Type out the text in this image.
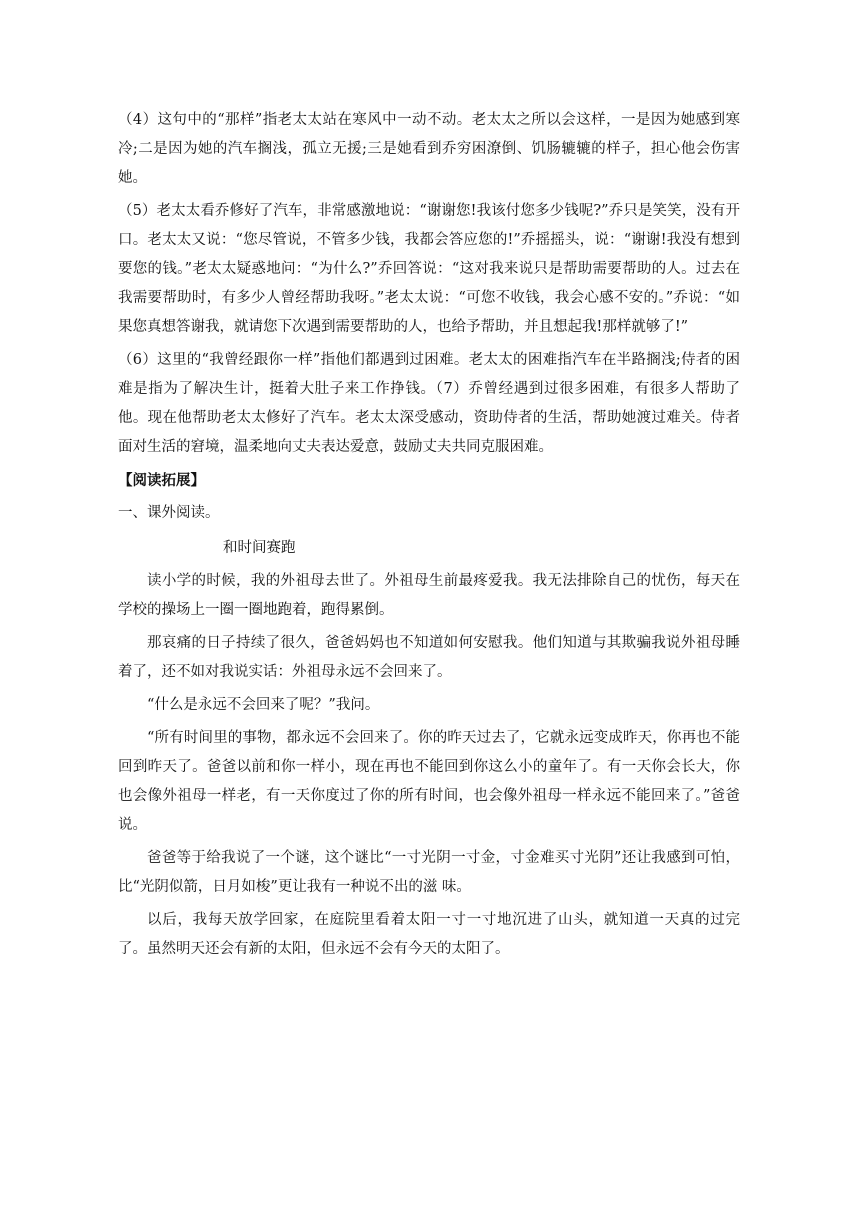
（4）这句中的“那样”指老太太站在寒风中一动不动。老太太之所以会这样，一是因为她感到寒冷;二是因为她的汽车搁浅，孤立无援;三是她看到乔穷困潦倒、饥肠辘辘的样子，担心他会伤害她。

（5）老太太看乔修好了汽车，非常感激地说：“谢谢您!我该付您多少钱呢?”乔只是笑笑，没有开口。老太太又说：“您尽管说，不管多少钱，我都会答应您的!”乔摇摇头，说：“谢谢!我没有想到要您的钱。”老太太疑惑地问：“为什么?”乔回答说：“这对我来说只是帮助需要帮助的人。过去在我需要帮助时，有多少人曾经帮助我呀。”老太太说：“可您不收钱，我会心感不安的。”乔说：“如果您真想答谢我，就请您下次遇到需要帮助的人，也给予帮助，并且想起我!那样就够了!”

（6）这里的“我曾经跟你一样”指他们都遇到过困难。老太太的困难指汽车在半路搁浅;侍者的困难是指为了解决生计，挺着大肚子来工作挣钱。（7）乔曾经遇到过很多困难，有很多人帮助了他。现在他帮助老太太修好了汽车。老太太深受感动，资助侍者的生活，帮助她渡过难关。侍者面对生活的窘境，温柔地向丈夫表达爱意，鼓励丈夫共同克服困难。

【阅读拓展】

一、课外阅读。

和时间赛跑

读小学的时候，我的外祖母去世了。外祖母生前最疼爱我。我无法排除自己的忧伤，每天在学校的操场上一圈一圈地跑着，跑得累倒。

那哀痛的日子持续了很久，爸爸妈妈也不知道如何安慰我。他们知道与其欺骗我说外祖母睡着了，还不如对我说实话：外祖母永远不会回来了。

“什么是永远不会回来了呢？”我问。

“所有时间里的事物，都永远不会回来了。你的昨天过去了，它就永远变成昨天，你再也不能回到昨天了。爸爸以前和你一样小，现在再也不能回到你这么小的童年了。有一天你会长大，你也会像外祖母一样老，有一天你度过了你的所有时间，也会像外祖母一样永远不能回来了。”爸爸说。

爸爸等于给我说了一个谜，这个谜比“一寸光阴一寸金，寸金难买寸光阴”还让我感到可怕，比“光阴似箭，日月如梭”更让我有一种说不出的滋 味。

以后，我每天放学回家，在庭院里看着太阳一寸一寸地沉进了山头，就知道一天真的过完了。虽然明天还会有新的太阳，但永远不会有今天的太阳了。
